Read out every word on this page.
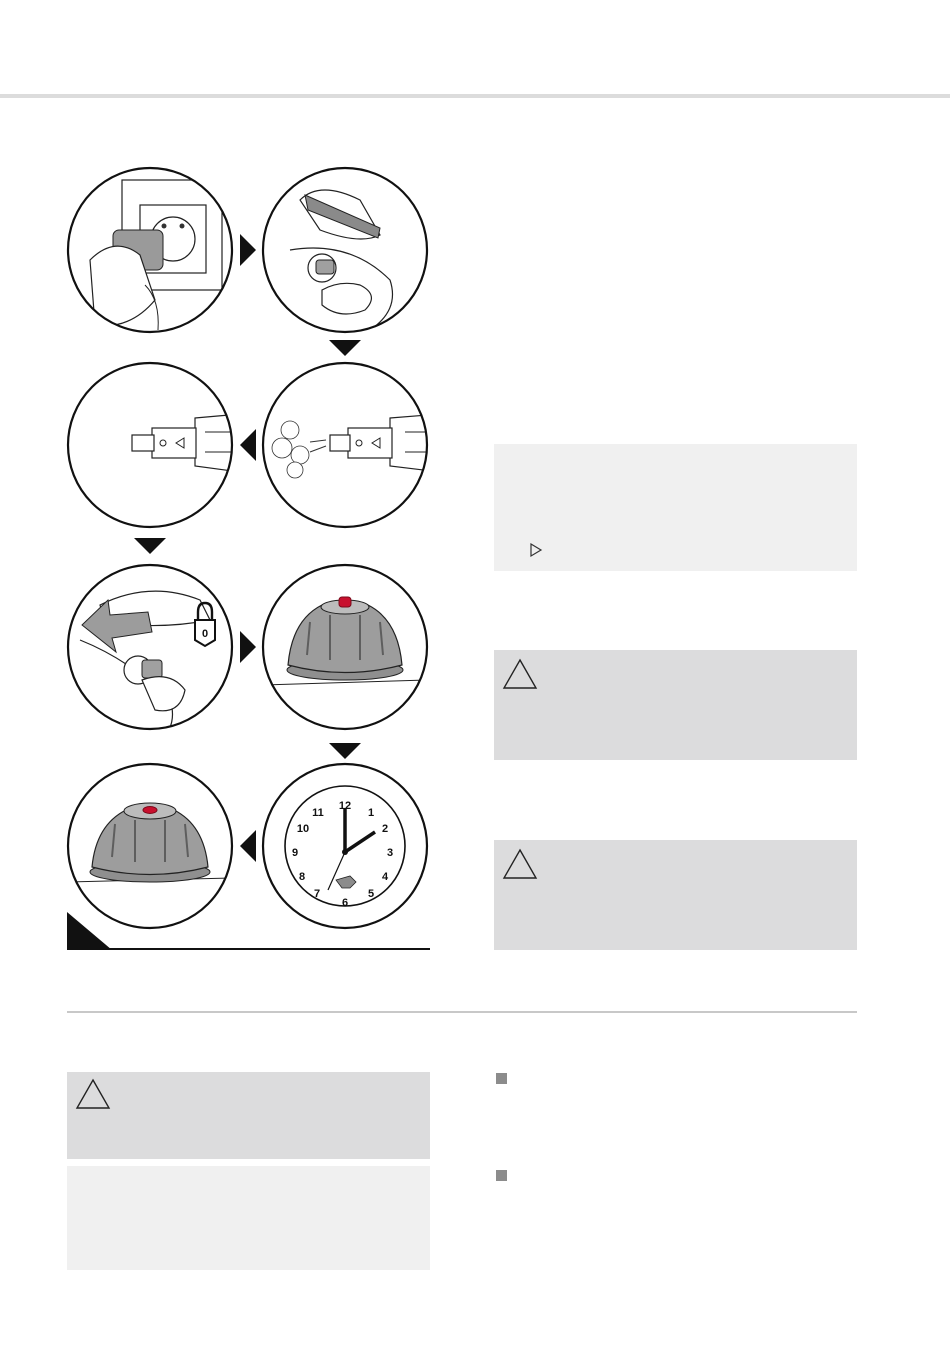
0
12
1
2
3
4
5
6
7
8
9
10
11
